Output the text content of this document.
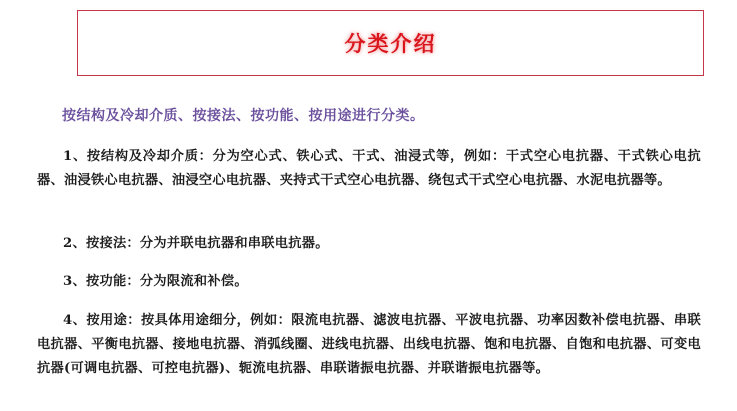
分类介绍
按结构及冷却介质、按接法、按功能、按用途进行分类。
1、按结构及冷却介质：分为空心式、铁心式、干式、油浸式等，例如：干式空心电抗器、干式铁心电抗器、油浸铁心电抗器、油浸空心电抗器、夹持式干式空心电抗器、绕包式干式空心电抗器、水泥电抗器等。
2、按接法：分为并联电抗器和串联电抗器。
3、按功能：分为限流和补偿。
4、按用途：按具体用途细分，例如：限流电抗器、滤波电抗器、平波电抗器、功率因数补偿电抗器、串联电抗器、平衡电抗器、接地电抗器、消弧线圈、进线电抗器、出线电抗器、饱和电抗器、自饱和电抗器、可变电抗器(可调电抗器、可控电抗器)、轭流电抗器、串联谐振电抗器、并联谐振电抗器等。
